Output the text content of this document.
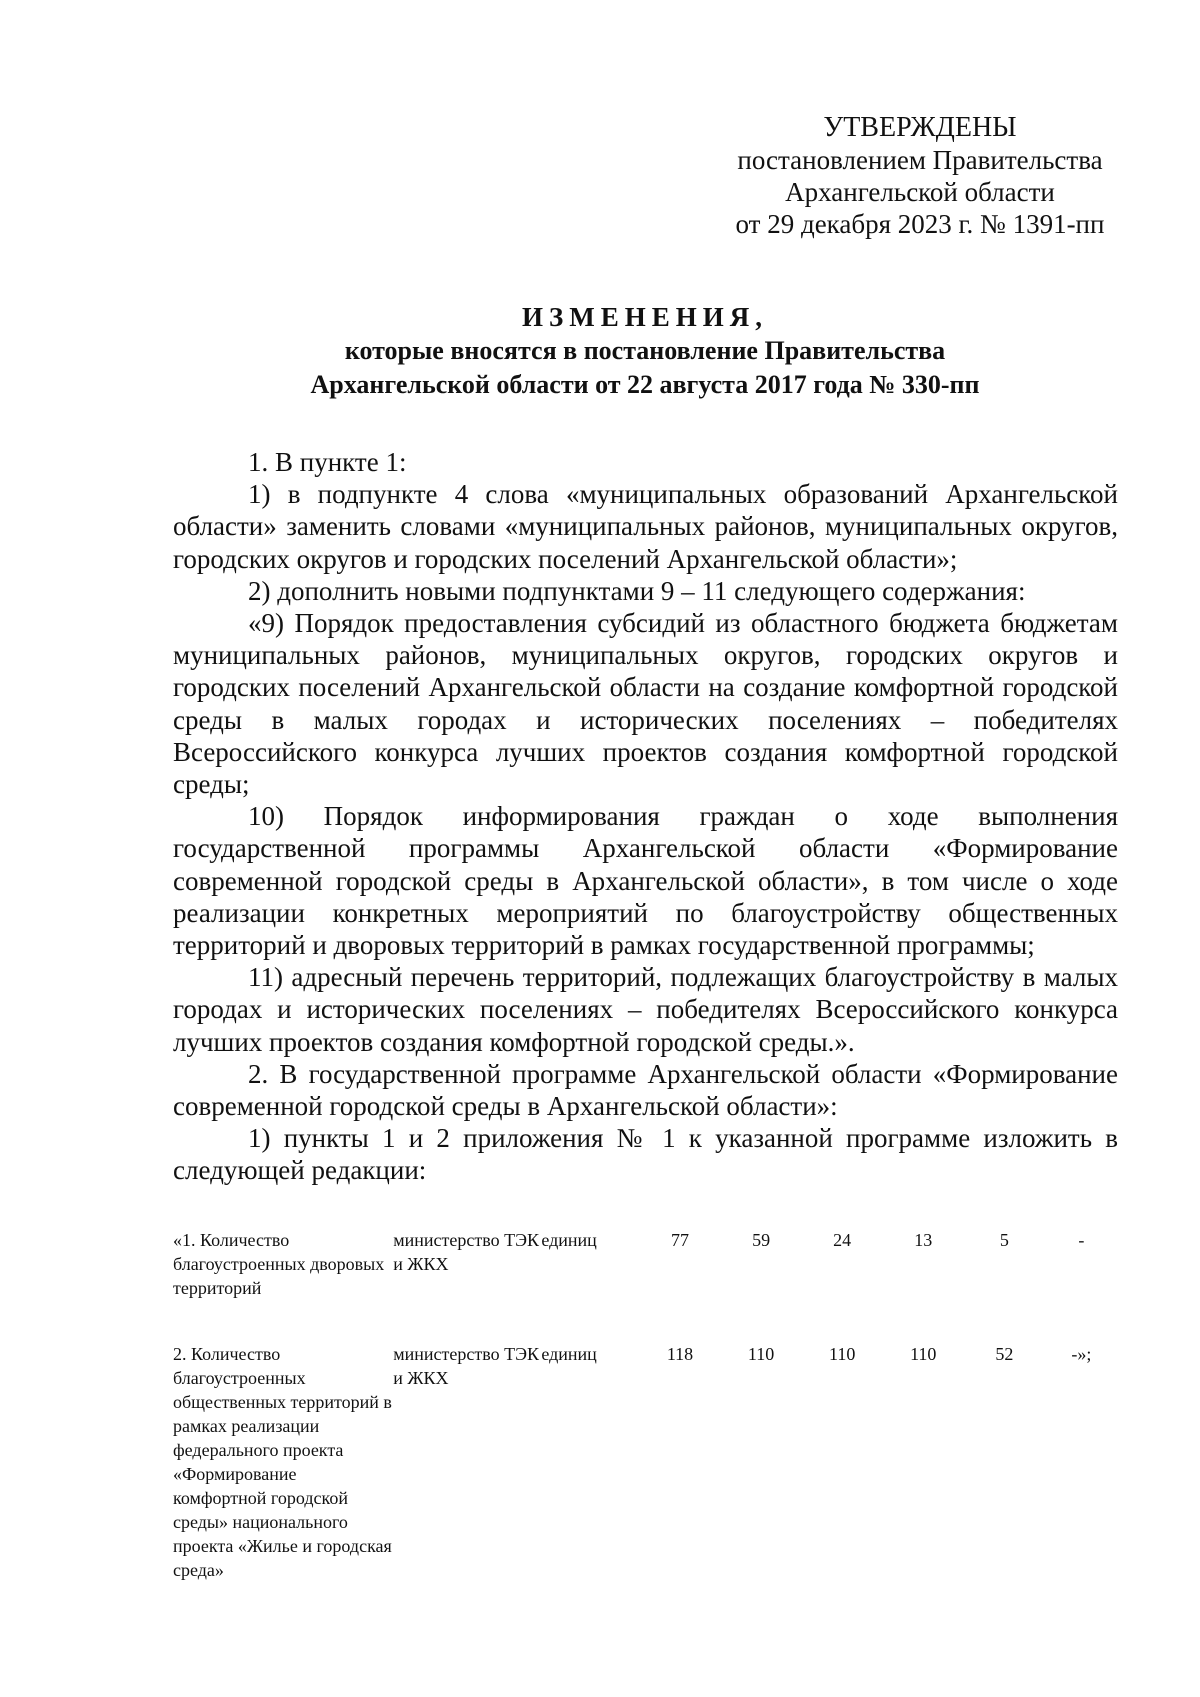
УТВЕРЖДЕНЫ
постановлением Правительства
Архангельской области
от 29 декабря 2023 г. № 1391-пп
ИЗМЕНЕНИЯ,
которые вносятся в постановление Правительства
Архангельской области от 22 августа 2017 года № 330-пп

1. В пункте 1:

1) в подпункте 4 слова «муниципальных образований Архангельской области» заменить словами «муниципальных районов, муниципальных округов, городских округов и городских поселений Архангельской области»;

2) дополнить новыми подпунктами 9 – 11 следующего содержания:

«9) Порядок предоставления субсидий из областного бюджета бюджетам муниципальных районов, муниципальных округов, городских округов и городских поселений Архангельской области на создание комфортной городской среды в малых городах и исторических поселениях – победителях Всероссийского конкурса лучших проектов создания комфортной городской среды;

10) Порядок информирования граждан о ходе выполнения государственной программы Архангельской области «Формирование современной городской среды в Архангельской области», в том числе о ходе реализации конкретных мероприятий по благоустройству общественных территорий и дворовых территорий в рамках государственной программы;

11) адресный перечень территорий, подлежащих благоустройству в малых городах и исторических поселениях – победителях Всероссийского конкурса лучших проектов создания комфортной городской среды.».

2. В государственной программе Архангельской области «Формирование современной городской среды в Архангельской области»:

1) пункты 1 и 2 приложения № 1 к указанной программе изложить в следующей редакции:

«1. Количество благоустроенных дворовых территорий	министерство ТЭК и ЖКХ	единиц	77	59	24	13	5	-
2. Количество благоустроенных общественных территорий в рамках реализации федерального проекта «Формирование комфортной городской среды» национального проекта «Жилье и городская среда»	министерство ТЭК и ЖКХ	единиц	118	110	110	110	52	-»;
